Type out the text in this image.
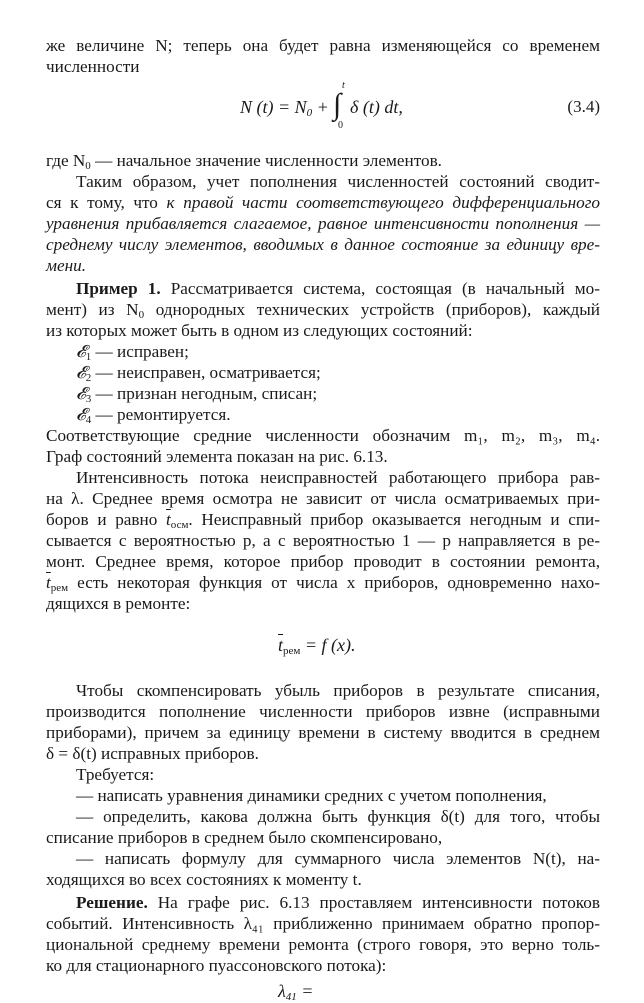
же величине N; теперь она будет равна изменяющейся со временем
численности
N $(t) = N_0$ + ∫
t
0
δ (t) dt,	(3.4)
где $N_0$ — начальное значение численности элементов.
Таким образом, учет пополнения численностей состояний сводит-
ся к тому, что к правой части соответствующего дифференциального
уравнения прибавляется слагаемое, равное интенсивности пополнения —
среднему числу элементов, вводимых в данное состояние за единицу вре-
мени.
Пример 1. Рассматривается система, состоящая (в начальный мо-
мент) из $N_0$ однородных технических устройств (приборов), каждый
из которых может быть в одном из следующих состояний:
𝓔$_1$ — исправен;
𝓔$_2$ — неисправен, осматривается;
𝓔$_3$ — признан негодным, списан;
𝓔$_4$ — ремонтируется.
Соответствующие средние численности обозначим m₁, m₂, m₃, m₄.
Граф состояний элемента показан на рис. 6.13.
Интенсивность потока неисправностей работающего прибора рав-
на λ. Среднее время осмотра не зависит от числа осматриваемых при-
боров и равно $\overline{t}_{осм}$. Неисправный прибор оказывается негодным и спи-
сывается с вероятностью p, а с вероятностью 1 — p направляется в ре-
монт. Среднее время, которое прибор проводит в состоянии ремонта,
$\overline{t}_{рем}$ есть некоторая функция от числа x приборов, одновременно нахо-
дящихся в ремонте:
$\overline{t}_{рем} = f$ (x).
Чтобы скомпенсировать убыль приборов в результате списания,
производится пополнение численности приборов извне (исправными
приборами), причем за единицу времени в систему вводится в среднем
δ = δ(t) исправных приборов.
Требуется:
— написать уравнения динамики средних с учетом пополнения,
— определить, какова должна быть функция δ(t) для того, чтобы
списание приборов в среднем было скомпенсировано,
— написать формулу для суммарного числа элементов N(t), на-
ходящихся во всех состояниях к моменту t.
Решение. На графе рис. 6.13 проставляем интенсивности потоков
событий. Интенсивность λ₄₁ приближенно принимаем обратно пропор-
циональной среднему времени ремонта (строго говоря, это верно толь-
ко для стационарного пуассоновского потока):
$\lambda_{41}$ =
